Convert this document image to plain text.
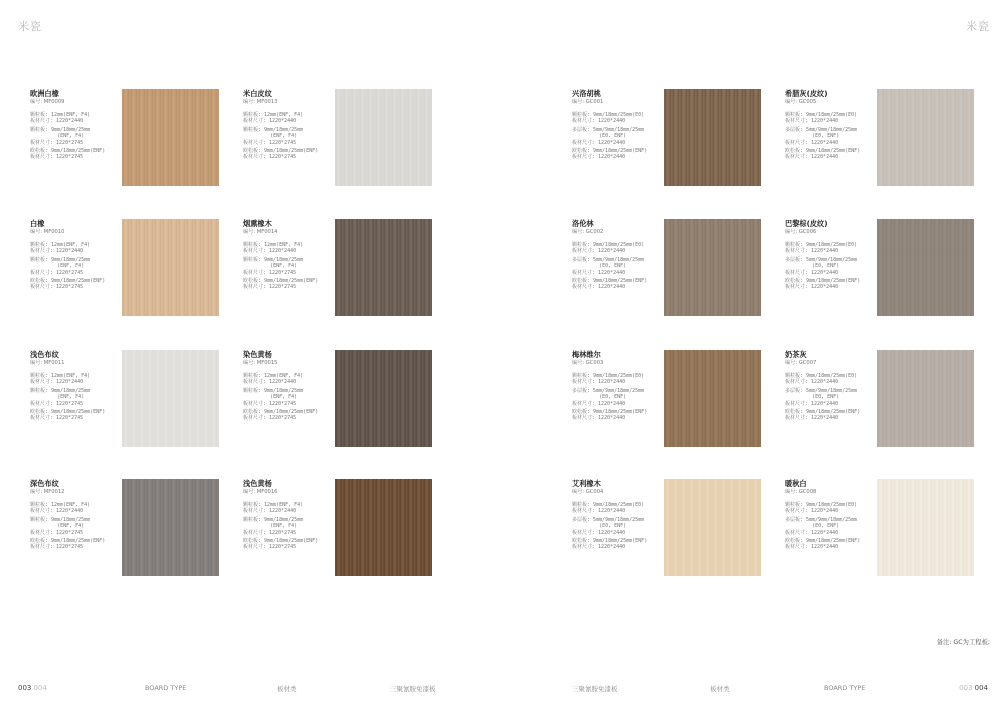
米瓷
欧洲白橡
编号: MF0009
颗粒板: 12mm(ENF, F4)
板材尺寸: 1220*2440
颗粒板: 9mm/18mm/25mm
(ENF, F4)
板材尺寸: 1220*2745
欧松板: 9mm/18mm/25mm(ENF)
板材尺寸: 1220*2745
米白皮纹
编号: MF0013
颗粒板: 12mm(ENF, F4)
板材尺寸: 1220*2440
颗粒板: 9mm/18mm/25mm
(ENF, F4)
板材尺寸: 1220*2745
欧松板: 9mm/18mm/25mm(ENF)
板材尺寸: 1220*2745
白橡
编号: MF0010
颗粒板: 12mm(ENF, F4)
板材尺寸: 1220*2440
颗粒板: 9mm/18mm/25mm
(ENF, F4)
板材尺寸: 1220*2745
欧松板: 9mm/18mm/25mm(ENF)
板材尺寸: 1220*2745
烟熏橡木
编号: MF0014
颗粒板: 12mm(ENF, F4)
板材尺寸: 1220*2440
颗粒板: 9mm/18mm/25mm
(ENF, F4)
板材尺寸: 1220*2745
欧松板: 9mm/18mm/25mm(ENF)
板材尺寸: 1220*2745
浅色布纹
编号: MF0011
颗粒板: 12mm(ENF, F4)
板材尺寸: 1220*2440
颗粒板: 9mm/18mm/25mm
(ENF, F4)
板材尺寸: 1220*2745
欧松板: 9mm/18mm/25mm(ENF)
板材尺寸: 1220*2745
染色黄杨
编号: MF0015
颗粒板: 12mm(ENF, F4)
板材尺寸: 1220*2440
颗粒板: 9mm/18mm/25mm
(ENF, F4)
板材尺寸: 1220*2745
欧松板: 9mm/18mm/25mm(ENF)
板材尺寸: 1220*2745
深色布纹
编号: MF0012
颗粒板: 12mm(ENF, F4)
板材尺寸: 1220*2440
颗粒板: 9mm/18mm/25mm
(ENF, F4)
板材尺寸: 1220*2745
欧松板: 9mm/18mm/25mm(ENF)
板材尺寸: 1220*2745
浅色黄杨
编号: MF0016
颗粒板: 12mm(ENF, F4)
板材尺寸: 1220*2440
颗粒板: 9mm/18mm/25mm
(ENF, F4)
板材尺寸: 1220*2745
欧松板: 9mm/18mm/25mm(ENF)
板材尺寸: 1220*2745
003 004	BOARD TYPE	板材类	三聚氰胺免漆板
米瓷
兴洛胡桃
编号: GC001
颗粒板: 9mm/18mm/25mm(E0)
板材尺寸: 1220*2440
多层板: 5mm/9mm/18mm/25mm
(E0, ENF)
板材尺寸: 1220*2440
欧松板: 9mm/18mm/25mm(ENF)
板材尺寸: 1220*2440
希腊灰(皮纹)
编号: GC005
颗粒板: 9mm/18mm/25mm(E0)
板材尺寸: 1220*2440
多层板: 5mm/9mm/18mm/25mm
(E0, ENF)
板材尺寸: 1220*2440
欧松板: 9mm/18mm/25mm(ENF)
板材尺寸: 1220*2440
洛伦林
编号: GC002
颗粒板: 9mm/18mm/25mm(E0)
板材尺寸: 1220*2440
多层板: 5mm/9mm/18mm/25mm
(E0, ENF)
板材尺寸: 1220*2440
欧松板: 9mm/18mm/25mm(ENF)
板材尺寸: 1220*2440
巴黎棕(皮纹)
编号: GC006
颗粒板: 9mm/18mm/25mm(E0)
板材尺寸: 1220*2440
多层板: 5mm/9mm/18mm/25mm
(E0, ENF)
板材尺寸: 1220*2440
欧松板: 9mm/18mm/25mm(ENF)
板材尺寸: 1220*2440
梅林维尔
编号: GC003
颗粒板: 9mm/18mm/25mm(E0)
板材尺寸: 1220*2440
多层板: 5mm/9mm/18mm/25mm
(E0, ENF)
板材尺寸: 1220*2440
欧松板: 9mm/18mm/25mm(ENF)
板材尺寸: 1220*2440
奶茶灰
编号: GC007
颗粒板: 9mm/18mm/25mm(E0)
板材尺寸: 1220*2440
多层板: 5mm/9mm/18mm/25mm
(E0, ENF)
板材尺寸: 1220*2440
欧松板: 9mm/18mm/25mm(ENF)
板材尺寸: 1220*2440
艾利橡木
编号: GC004
颗粒板: 9mm/18mm/25mm(E0)
板材尺寸: 1220*2440
多层板: 5mm/9mm/18mm/25mm
(E0, ENF)
板材尺寸: 1220*2440
欧松板: 9mm/18mm/25mm(ENF)
板材尺寸: 1220*2440
暖秋白
编号: GC008
颗粒板: 9mm/18mm/25mm(E0)
板材尺寸: 1220*2440
多层板: 5mm/9mm/18mm/25mm
(E0, ENF)
板材尺寸: 1220*2440
欧松板: 9mm/18mm/25mm(ENF)
板材尺寸: 1220*2440
备注: GC为工程板;
三聚氰胺免漆板	板材类	BOARD TYPE	003 004
